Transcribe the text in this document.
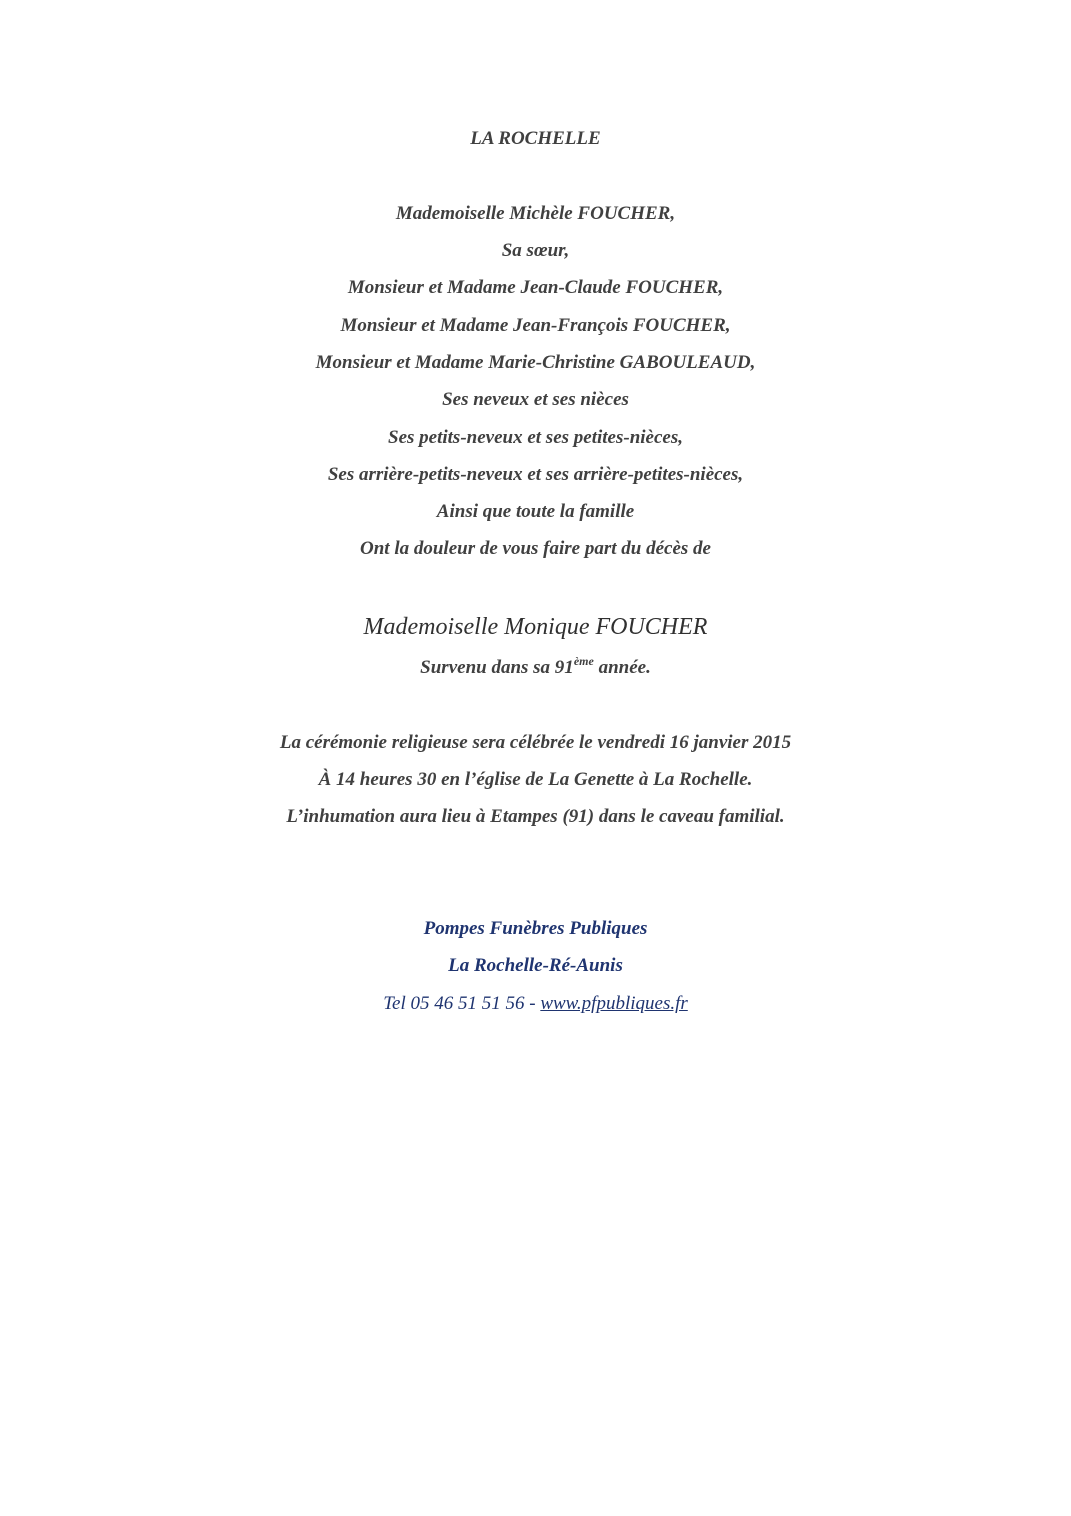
LA ROCHELLE
Mademoiselle Michèle FOUCHER,
Sa sœur,
Monsieur et Madame Jean-Claude FOUCHER,
Monsieur et Madame Jean-François FOUCHER,
Monsieur et Madame Marie-Christine GABOULEAUD,
Ses neveux et ses nièces
Ses petits-neveux et ses petites-nièces,
Ses arrière-petits-neveux et ses arrière-petites-nièces,
Ainsi que toute la famille
Ont la douleur de vous faire part du décès de
Mademoiselle Monique FOUCHER
Survenu dans sa 91ème année.
La cérémonie religieuse sera célébrée le vendredi 16 janvier 2015
À 14 heures 30 en l’église de La Genette à La Rochelle.
L’inhumation aura lieu à Etampes (91) dans le caveau familial.
Pompes Funèbres Publiques
La Rochelle-Ré-Aunis
Tel 05 46 51 51 56 - www.pfpubliques.fr
